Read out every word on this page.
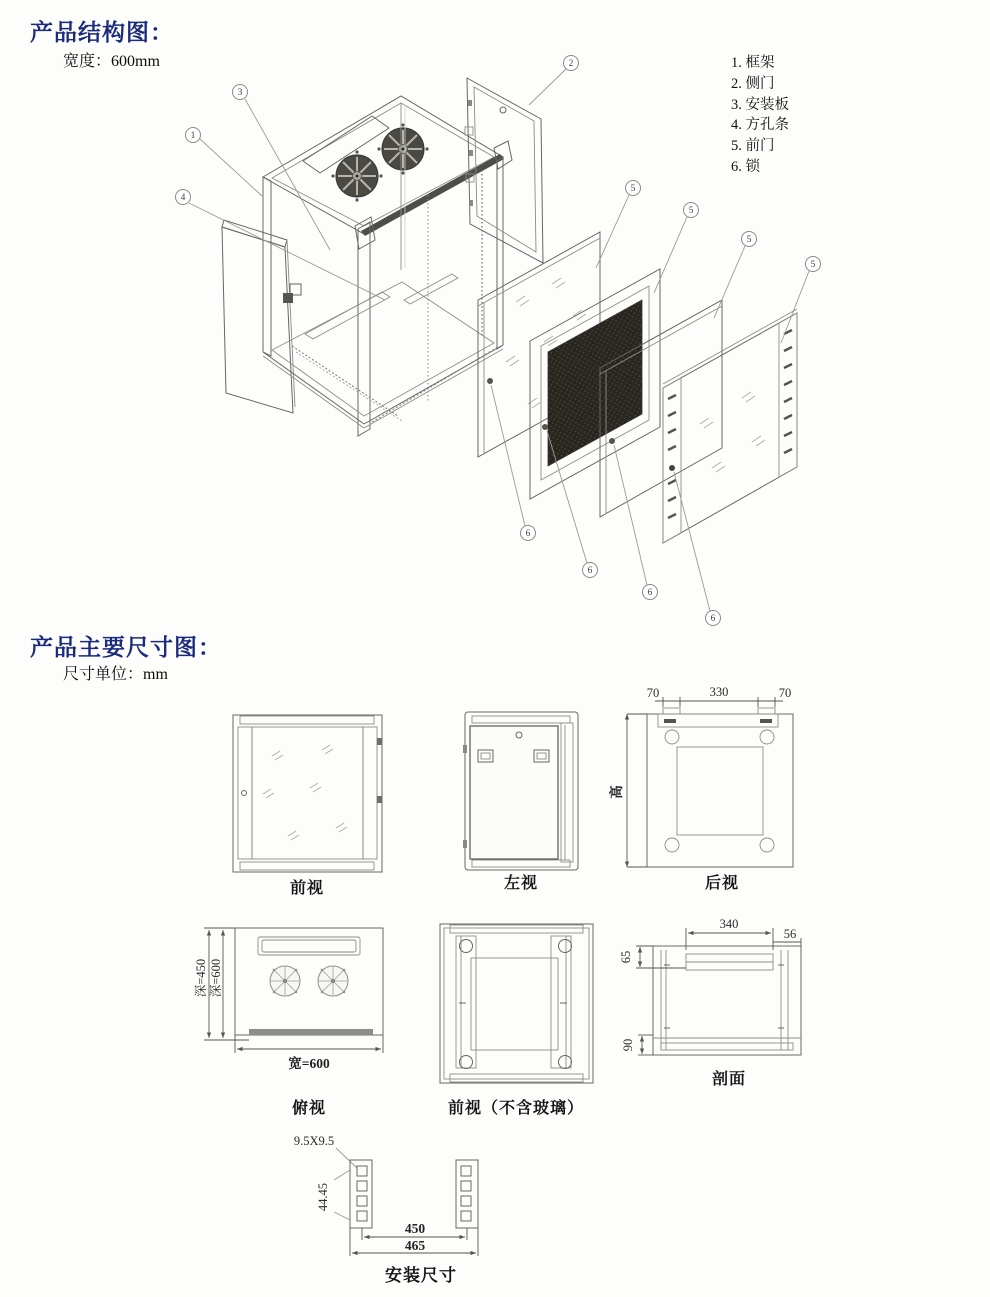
产品结构图：
宽度：600mm
1
2
3
4
5
5
5
5
6
6
6
6
1. 框架
2. 侧门
3. 安装板
4. 方孔条
5. 前门
6. 锁
产品主要尺寸图：
尺寸单位：mm
前视	左视
70	330	70
高
后视
深=450 深=600
宽=600
俯视	前视（不含玻璃）
340
56
65
90
剖面
9.5X9.5
44.45
450
465
安装尺寸
